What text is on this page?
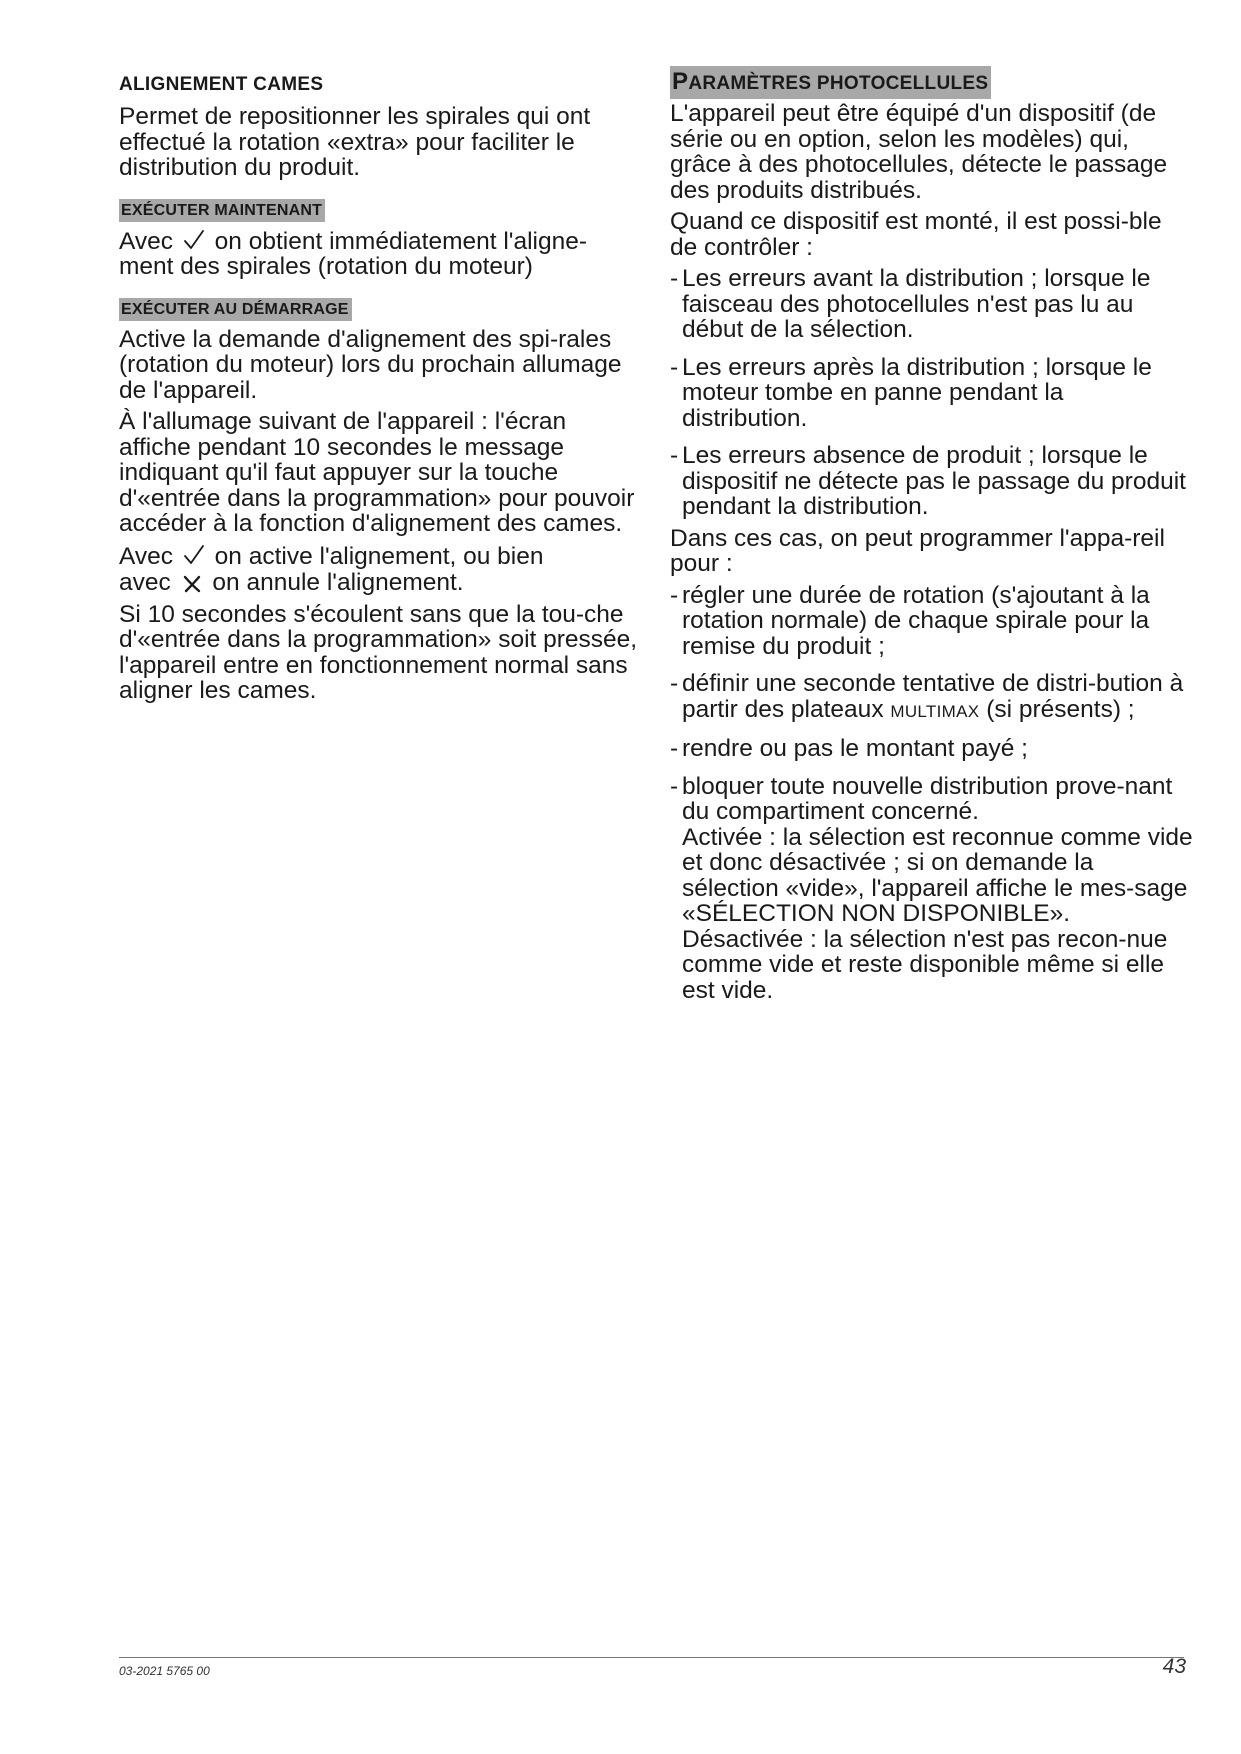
ALIGNEMENT CAMES

Permet de repositionner les spirales qui ont effectué la rotation «extra» pour faciliter le distribution du produit.

EXÉCUTER MAINTENANT

Avec on obtient immédiatement l'aligne-ment des spirales (rotation du moteur)

EXÉCUTER AU DÉMARRAGE

Active la demande d'alignement des spi-rales (rotation du moteur) lors du prochain allumage de l'appareil.

À l'allumage suivant de l'appareil : l'écran affiche pendant 10 secondes le message indiquant qu'il faut appuyer sur la touche d'«entrée dans la programmation» pour pouvoir accéder à la fonction d'alignement des cames.

Avec on active l'alignement, ou bien
avec on annule l'alignement.

Si 10 secondes s'écoulent sans que la tou-che d'«entrée dans la programmation» soit pressée, l'appareil entre en fonctionnement normal sans aligner les cames.

PARAMÈTRES PHOTOCELLULES

L'appareil peut être équipé d'un dispositif (de série ou en option, selon les modèles) qui, grâce à des photocellules, détecte le passage des produits distribués.

Quand ce dispositif est monté, il est possi-ble de contrôler :

- Les erreurs avant la distribution ; lorsque le faisceau des photocellules n'est pas lu au début de la sélection.
- Les erreurs après la distribution ; lorsque le moteur tombe en panne pendant la distribution.
- Les erreurs absence de produit ; lorsque le dispositif ne détecte pas le passage du produit pendant la distribution.

Dans ces cas, on peut programmer l'appa-reil pour :

- régler une durée de rotation (s'ajoutant à la rotation normale) de chaque spirale pour la remise du produit ;
- définir une seconde tentative de distri-bution à partir des plateaux MULTIMAX (si présents) ;
- rendre ou pas le montant payé ;
- bloquer toute nouvelle distribution prove-nant du compartiment concerné.
Activée : la sélection est reconnue comme vide et donc désactivée ; si on demande la sélection «vide», l'appareil affiche le mes-sage «SÉLECTION NON DISPONIBLE».
Désactivée : la sélection n'est pas recon-nue comme vide et reste disponible même si elle est vide.
03-2021 5765 00	43
